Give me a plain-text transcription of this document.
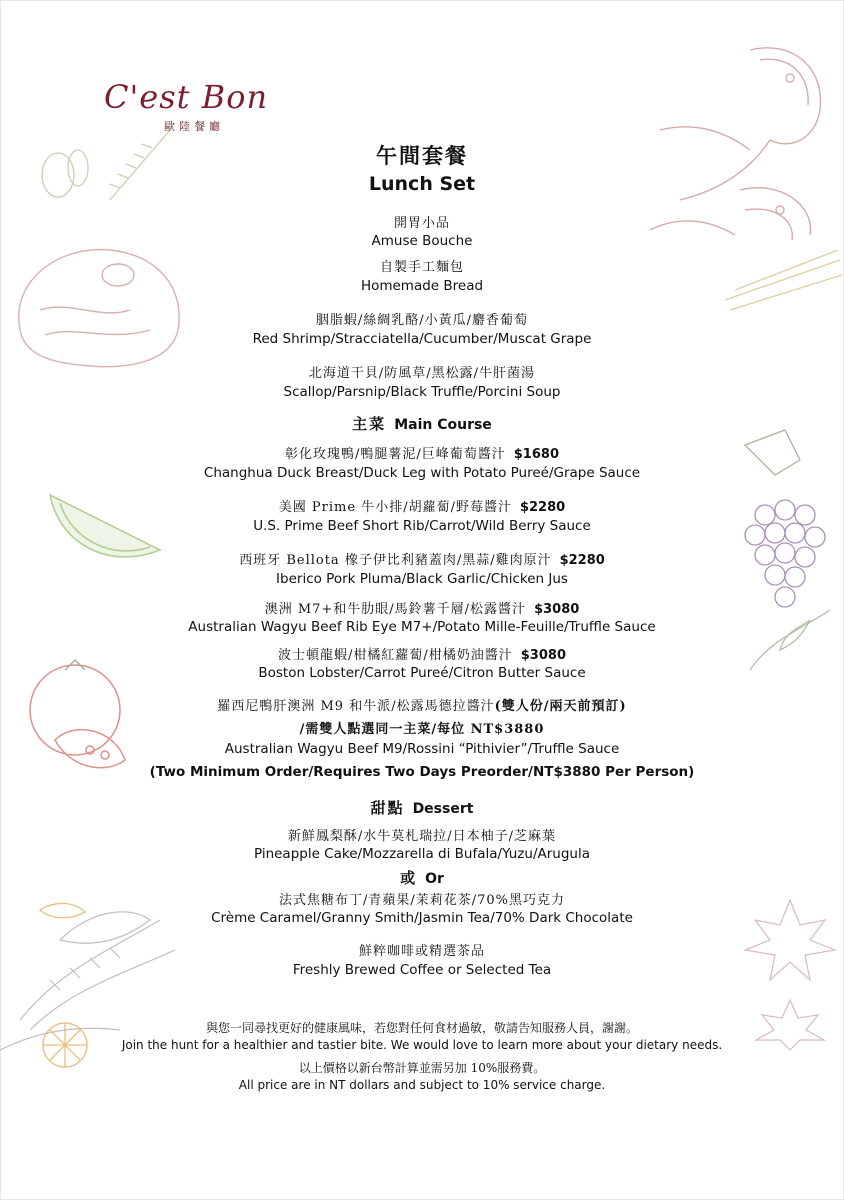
C'est Bon
歐陸餐廳
午間套餐
Lunch Set
開胃小品
Amuse Bouche
自製手工麵包
Homemade Bread
胭脂蝦/絲綢乳酪/小黃瓜/麝香葡萄
Red Shrimp/Stracciatella/Cucumber/Muscat Grape
北海道干貝/防風草/黑松露/牛肝菌湯
Scallop/Parsnip/Black Truffle/Porcini Soup
主菜 Main Course
彰化玫瑰鴨/鴨腿薯泥/巨峰葡萄醬汁 $1680
Changhua Duck Breast/Duck Leg with Potato Pureé/Grape Sauce
美國 Prime 牛小排/胡蘿蔔/野莓醬汁 $2280
U.S. Prime Beef Short Rib/Carrot/Wild Berry Sauce
西班牙 Bellota 橡子伊比利豬蓋肉/黑蒜/雞肉原汁 $2280
Iberico Pork Pluma/Black Garlic/Chicken Jus
澳洲 M7+和牛肋眼/馬鈴薯千層/松露醬汁 $3080
Australian Wagyu Beef Rib Eye M7+/Potato Mille-Feuille/Truffle Sauce
波士頓龍蝦/柑橘紅蘿蔔/柑橘奶油醬汁 $3080
Boston Lobster/Carrot Pureé/Citron Butter Sauce
羅西尼鴨肝澳洲 M9 和牛派/松露馬德拉醬汁(雙人份/兩天前預訂)
/需雙人點選同一主菜/每位 NT$3880
Australian Wagyu Beef M9/Rossini “Pithivier”/Truffle Sauce
(Two Minimum Order/Requires Two Days Preorder/NT$3880 Per Person)
甜點 Dessert
新鮮鳳梨酥/水牛莫札瑞拉/日本柚子/芝麻葉
Pineapple Cake/Mozzarella di Bufala/Yuzu/Arugula
或 Or
法式焦糖布丁/青蘋果/茉莉花茶/70%黑巧克力
Crème Caramel/Granny Smith/Jasmin Tea/70% Dark Chocolate
鮮粹咖啡或精選茶品
Freshly Brewed Coffee or Selected Tea
與您一同尋找更好的健康風味，若您對任何食材過敏，敬請告知服務人員，謝謝。
Join the hunt for a healthier and tastier bite. We would love to learn more about your dietary needs.
以上價格以新台幣計算並需另加 10%服務費。
All price are in NT dollars and subject to 10% service charge.
